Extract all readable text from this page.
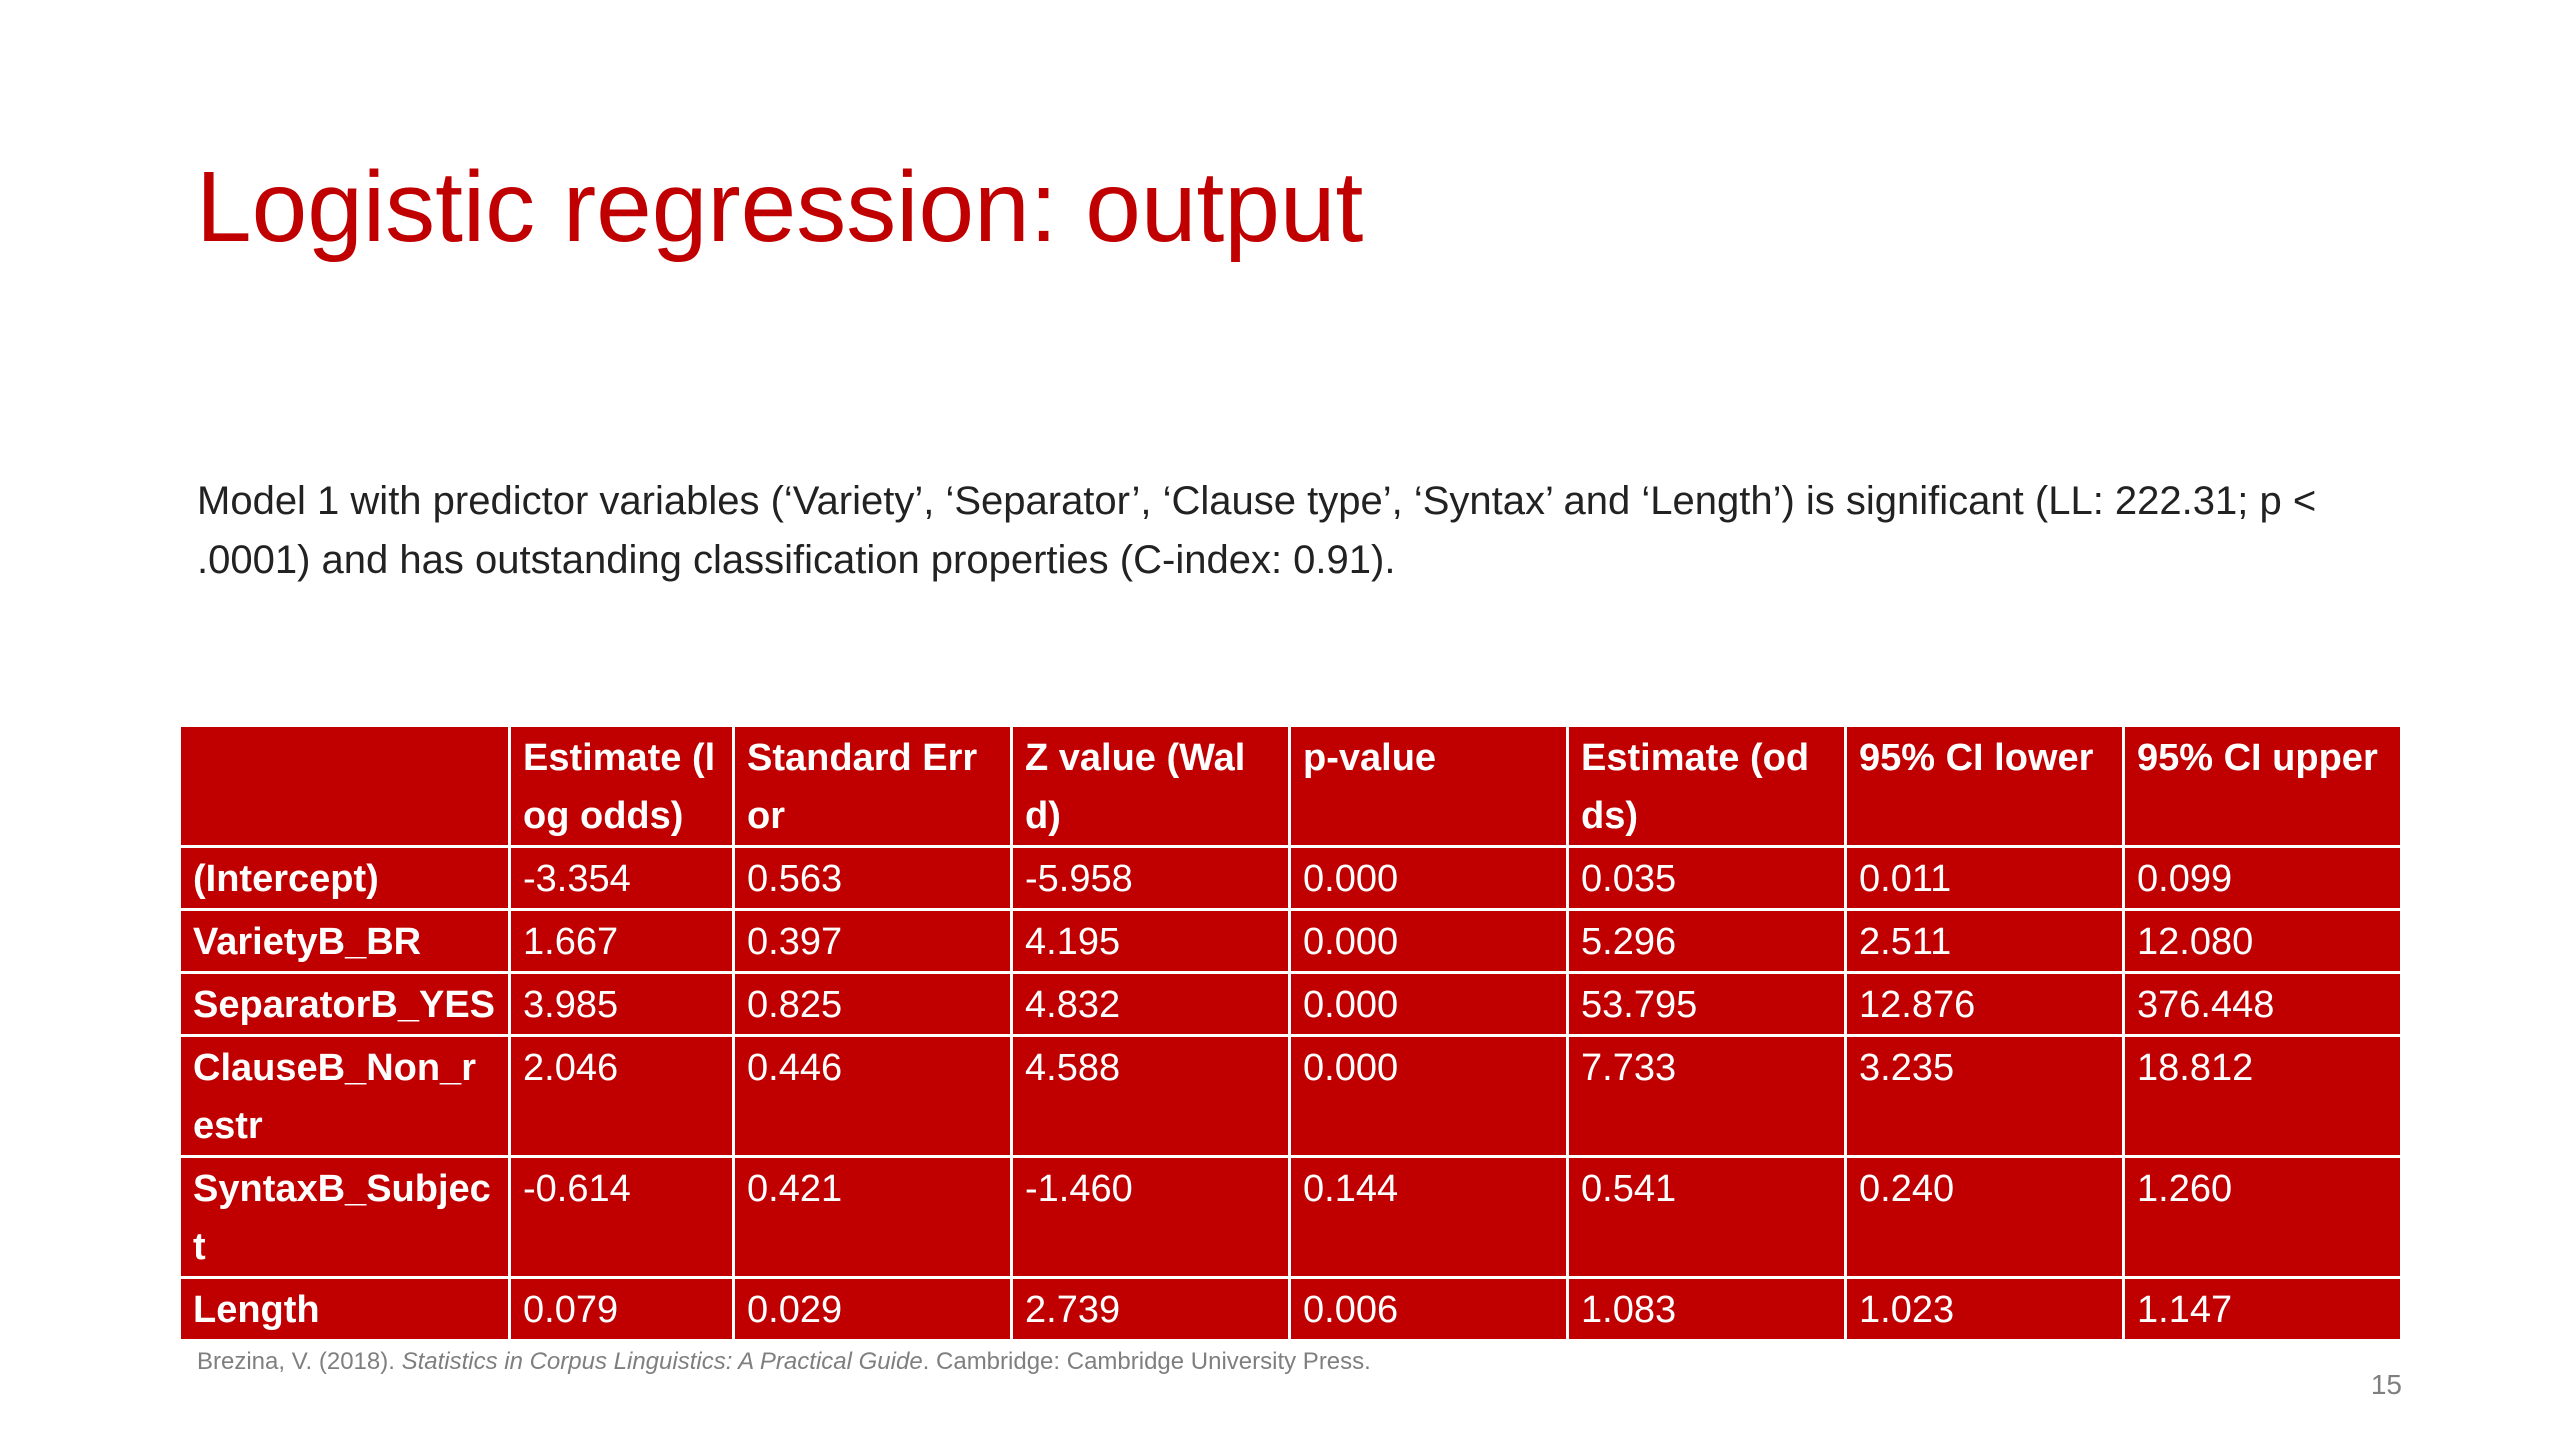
Logistic regression: output

Model 1 with predictor variables (‘Variety’, ‘Separator’, ‘Clause type’, ‘Syntax’ and ‘Length’) is significant (LL: 222.31; p < .0001) and has outstanding classification properties (C-index: 0.91).

	Estimate (log odds)	Standard Error	Z value (Wald)	p-value	Estimate (odds)	95% CI lower	95% CI upper
(Intercept)	-3.354	0.563	-5.958	0.000	0.035	0.011	0.099
VarietyB_BR	1.667	0.397	4.195	0.000	5.296	2.511	12.080
SeparatorB_YES	3.985	0.825	4.832	0.000	53.795	12.876	376.448
ClauseB_Non_restr	2.046	0.446	4.588	0.000	7.733	3.235	18.812
SyntaxB_Subject	-0.614	0.421	-1.460	0.144	0.541	0.240	1.260
Length	0.079	0.029	2.739	0.006	1.083	1.023	1.147

Brezina, V. (2018). Statistics in Corpus Linguistics: A Practical Guide. Cambridge: Cambridge University Press.

15
